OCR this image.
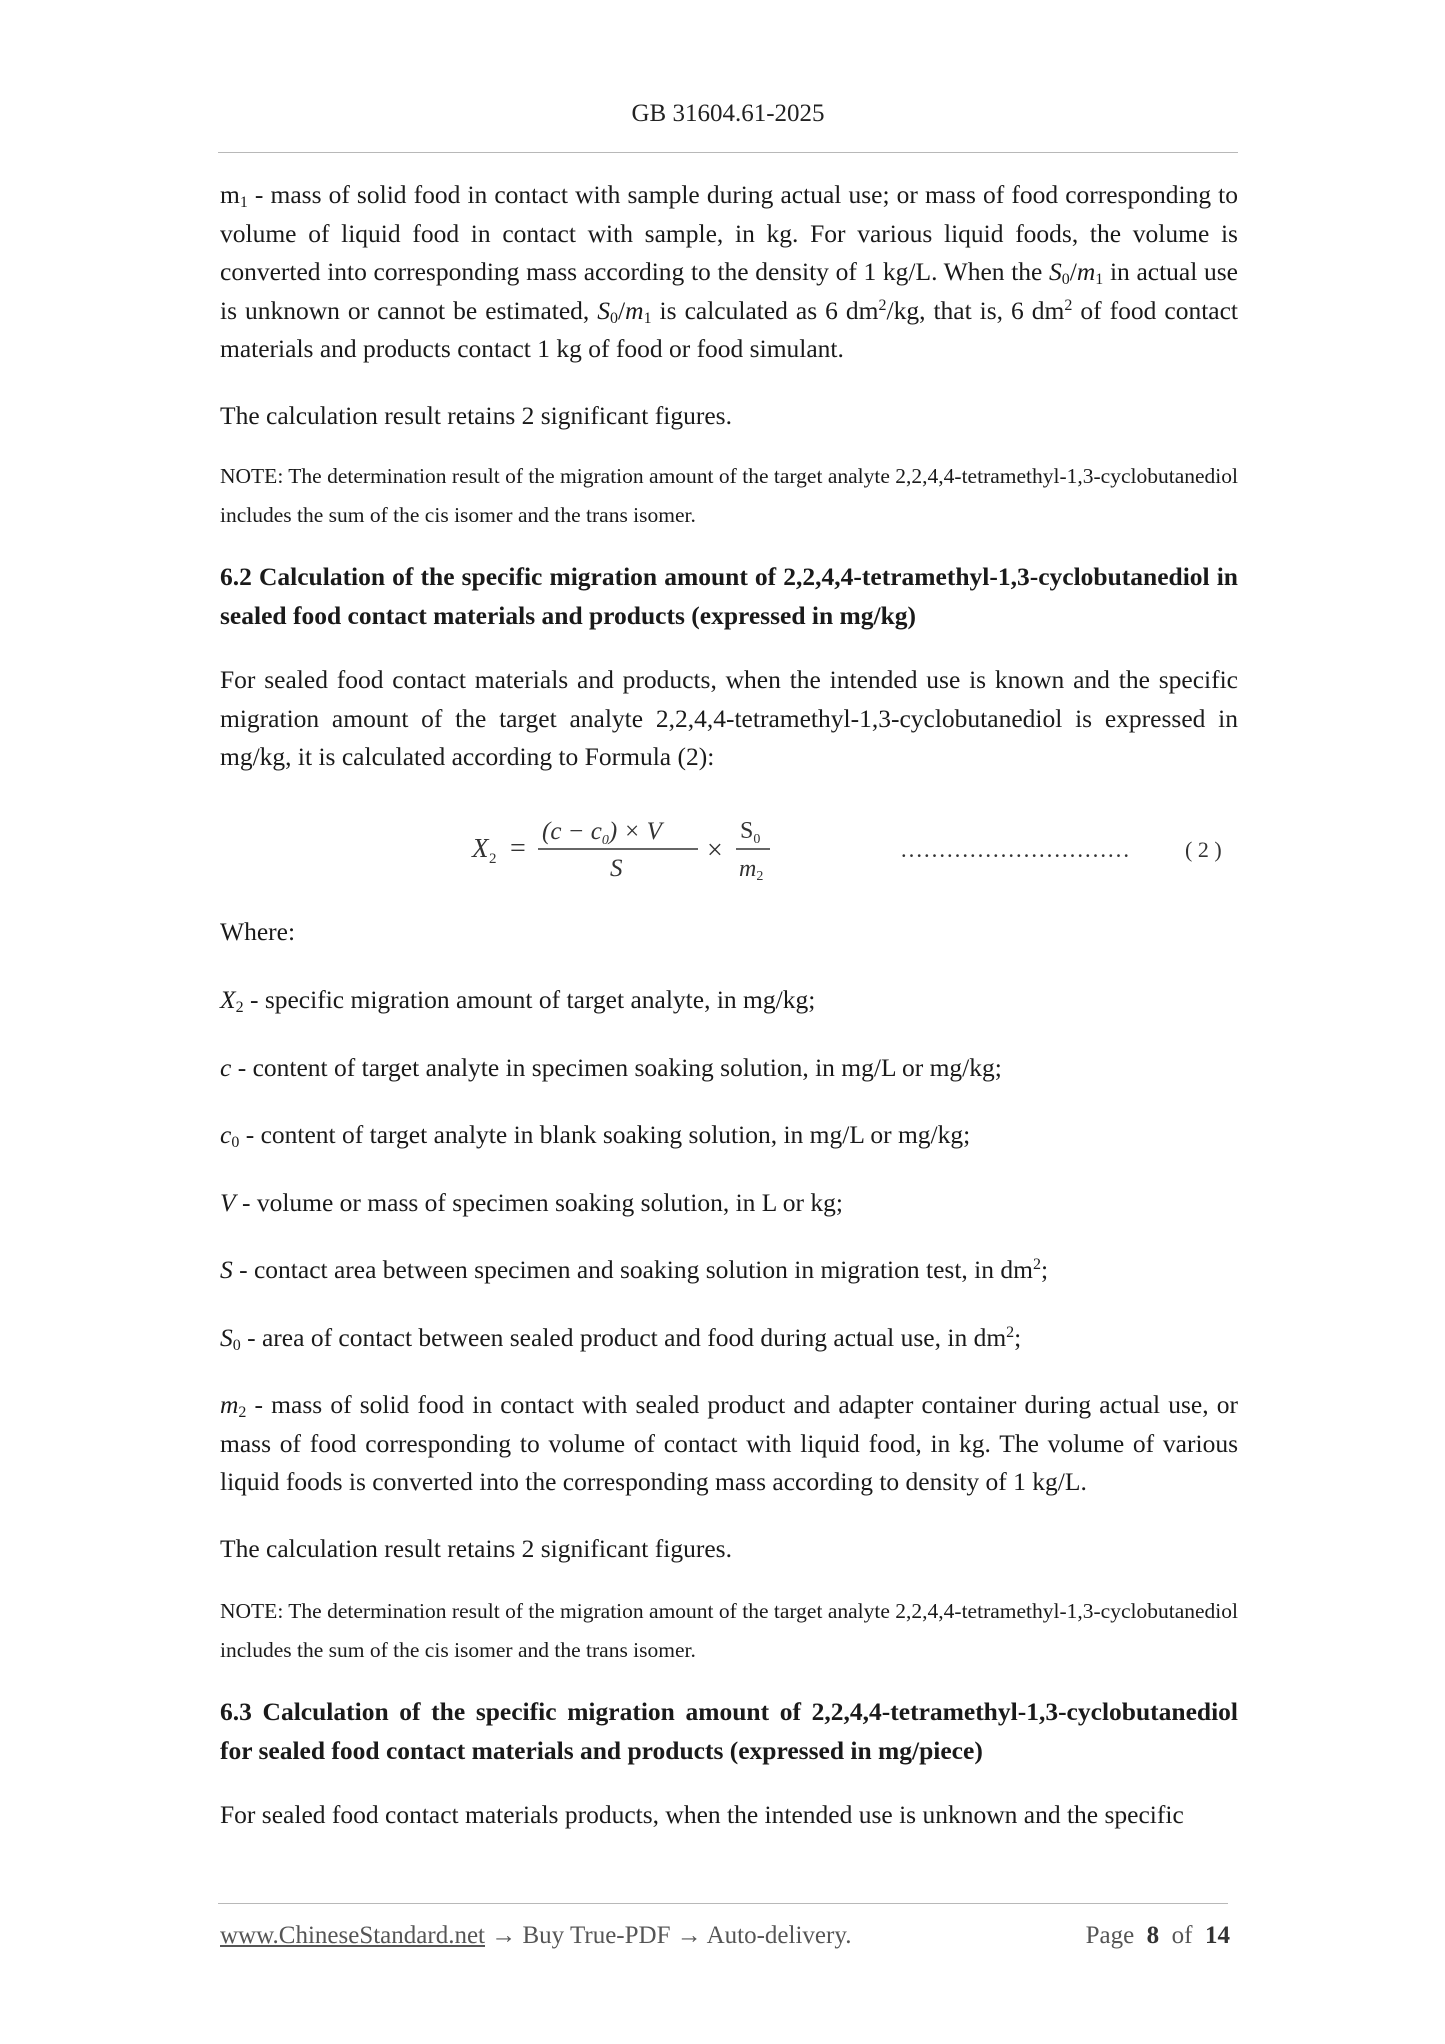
GB 31604.61-2025

$m_1$ - mass of solid food in contact with sample during actual use; or mass of food corresponding to volume of liquid food in contact with sample, in kg. For various liquid foods, the volume is converted into corresponding mass according to the density of 1 kg/L. When the $S_0/m_1$ in actual use is unknown or cannot be estimated, $S_0/m_1$ is calculated as 6 $dm^2/kg$, that is, 6 $dm^2$ of food contact materials and products contact 1 kg of food or food simulant.

The calculation result retains 2 significant figures.

NOTE: The determination result of the migration amount of the target analyte 2,2,4,4-tetramethyl-1,3-cyclobutanediol includes the sum of the cis isomer and the trans isomer.

6.2 Calculation of the specific migration amount of 2,2,4,4-tetramethyl-1,3-cyclobutanediol in sealed food contact materials and products (expressed in mg/kg)

For sealed food contact materials and products, when the intended use is known and the specific migration amount of the target analyte 2,2,4,4-tetramethyl-1,3-cyclobutanediol is expressed in mg/kg, it is calculated according to Formula (2):

X 2 =
$(c - c_0) \times V$
S
×
$S_0$
m2
…………………………	( 2 )

Where:

$X_2$ - specific migration amount of target analyte, in mg/kg;

c - content of target analyte in specimen soaking solution, in mg/L or mg/kg;

$c_0$ - content of target analyte in blank soaking solution, in mg/L or mg/kg;

V - volume or mass of specimen soaking solution, in L or kg;

S - contact area between specimen and soaking solution in migration test, in $dm^2$;

$S_0$ - area of contact between sealed product and food during actual use, in $dm^2$;

$m_2$ - mass of solid food in contact with sealed product and adapter container during actual use, or mass of food corresponding to volume of contact with liquid food, in kg. The volume of various liquid foods is converted into the corresponding mass according to density of 1 kg/L.

The calculation result retains 2 significant figures.

NOTE: The determination result of the migration amount of the target analyte 2,2,4,4-tetramethyl-1,3-cyclobutanediol includes the sum of the cis isomer and the trans isomer.

6.3 Calculation of the specific migration amount of 2,2,4,4-tetramethyl-1,3-cyclobutanediol for sealed food contact materials and products (expressed in mg/piece)

For sealed food contact materials products, when the intended use is unknown and the specific

www.ChineseStandard.net → Buy True-PDF → Auto-delivery.	Page 8 of 14
